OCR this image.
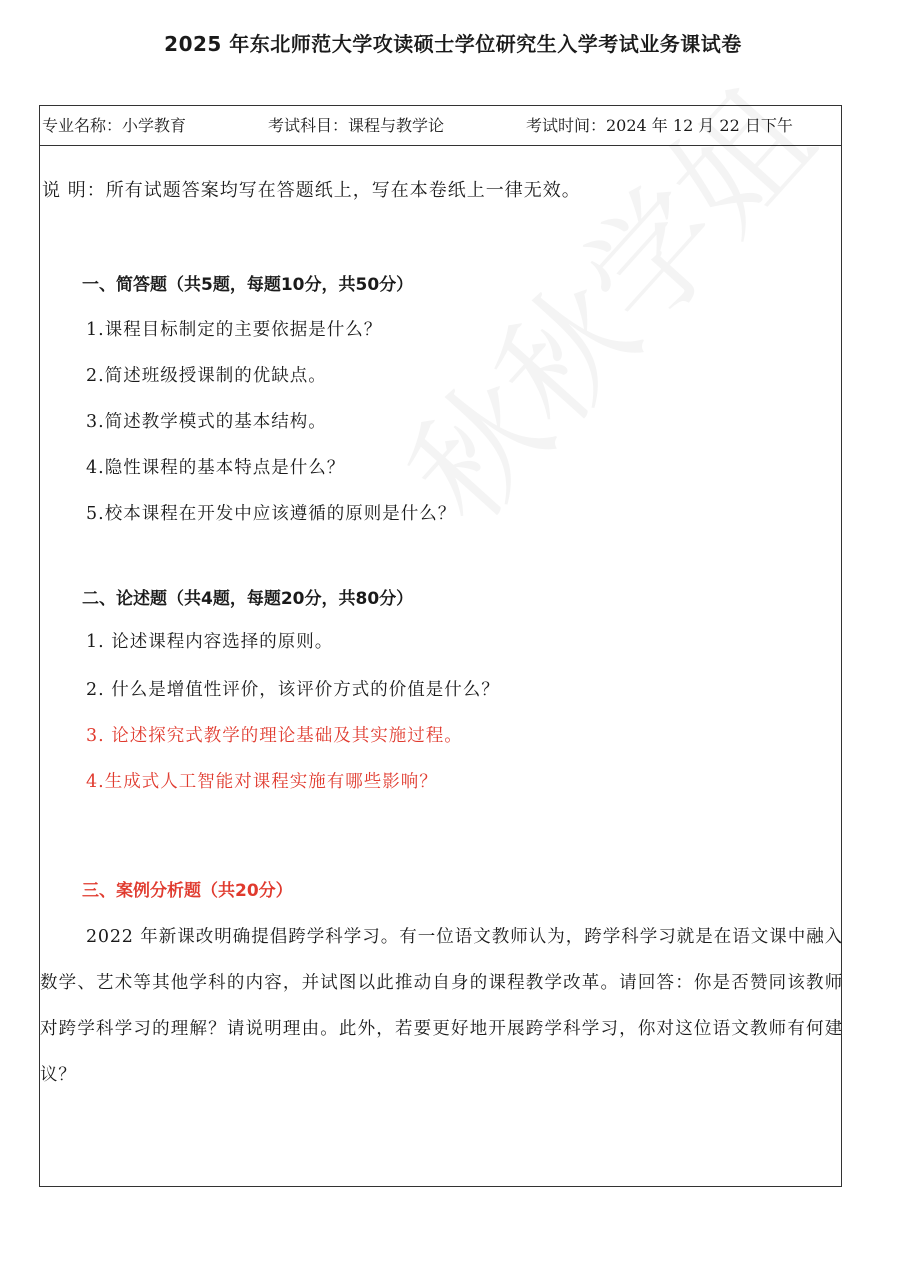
2025 年东北师范大学攻读硕士学位研究生入学考试业务课试卷
专业名称：小学教育	考试科目：课程与教学论	考试时间：2024 年 12 月 22 日下午
说 明：所有试题答案均写在答题纸上，写在本卷纸上一律无效。
一、简答题（共5题，每题10分，共50分）
1.课程目标制定的主要依据是什么？
2.简述班级授课制的优缺点。
3.简述教学模式的基本结构。
4.隐性课程的基本特点是什么？
5.校本课程在开发中应该遵循的原则是什么？
二、论述题（共4题，每题20分，共80分）
1. 论述课程内容选择的原则。
2. 什么是增值性评价，该评价方式的价值是什么？
3. 论述探究式教学的理论基础及其实施过程。
4.生成式人工智能对课程实施有哪些影响？
三、案例分析题（共20分）
2022 年新课改明确提倡跨学科学习。有一位语文教师认为，跨学科学习就是在语文课中融入数学、艺术等其他学科的内容，并试图以此推动自身的课程教学改革。请回答：你是否赞同该教师对跨学科学习的理解？请说明理由。此外，若要更好地开展跨学科学习，你对这位语文教师有何建议？
